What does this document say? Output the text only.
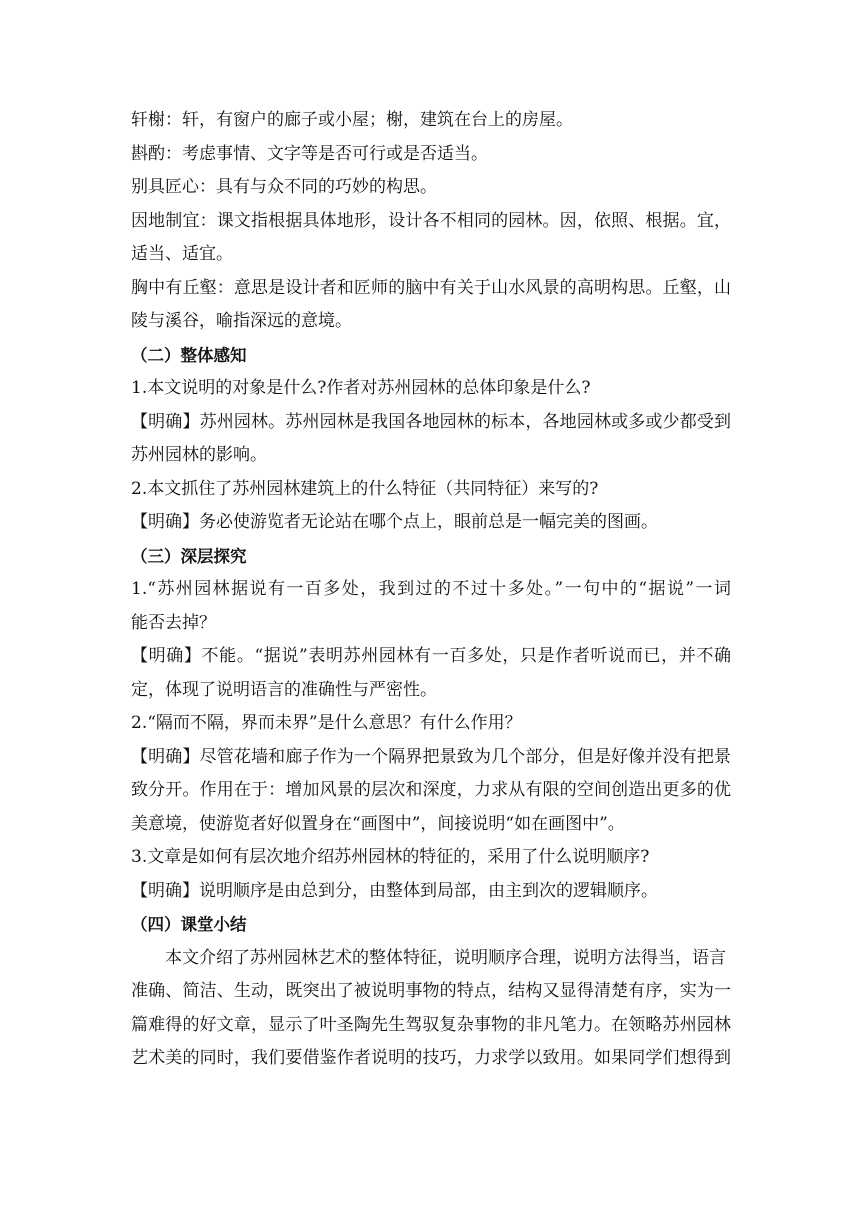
轩榭：轩，有窗户的廊子或小屋；榭，建筑在台上的房屋。

斟酌：考虑事情、文字等是否可行或是否适当。

别具匠心：具有与众不同的巧妙的构思。

因地制宜：课文指根据具体地形，设计各不相同的园林。因，依照、根据。宜，

适当、适宜。

胸中有丘壑：意思是设计者和匠师的脑中有关于山水风景的高明构思。丘壑，山

陵与溪谷，喻指深远的意境。

（二）整体感知

1.本文说明的对象是什么?作者对苏州园林的总体印象是什么?

【明确】苏州园林。苏州园林是我国各地园林的标本，各地园林或多或少都受到

苏州园林的影响。

2.本文抓住了苏州园林建筑上的什么特征（共同特征）来写的?

【明确】务必使游览者无论站在哪个点上，眼前总是一幅完美的图画。

（三）深层探究

1.“苏州园林据说有一百多处，我到过的不过十多处。”一句中的“据说”一词

能否去掉？

【明确】不能。“据说”表明苏州园林有一百多处，只是作者听说而已，并不确

定，体现了说明语言的准确性与严密性。

2.“隔而不隔，界而未界”是什么意思？有什么作用？

【明确】尽管花墙和廊子作为一个隔界把景致为几个部分，但是好像并没有把景

致分开。作用在于：增加风景的层次和深度，力求从有限的空间创造出更多的优

美意境，使游览者好似置身在“画图中”，间接说明“如在画图中”。

3.文章是如何有层次地介绍苏州园林的特征的，采用了什么说明顺序?

【明确】说明顺序是由总到分，由整体到局部，由主到次的逻辑顺序。

（四）课堂小结

本文介绍了苏州园林艺术的整体特征，说明顺序合理，说明方法得当，语言

准确、简洁、生动，既突出了被说明事物的特点，结构又显得清楚有序，实为一

篇难得的好文章，显示了叶圣陶先生驾驭复杂事物的非凡笔力。在领略苏州园林

艺术美的同时，我们要借鉴作者说明的技巧，力求学以致用。如果同学们想得到
